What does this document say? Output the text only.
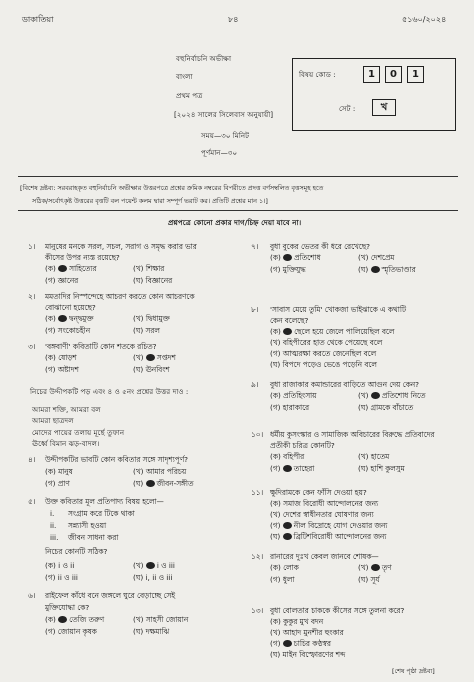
ডাকাতিয়া	৮৪	৫১৬০/২০২৪
বহুনির্বাচনি অভীক্ষা
বাংলা
প্রথম পত্র
[২০২৪ সালের সিলেবাস অনুযায়ী]
সময়—৩০ মিনিট
পূর্ণমান—৩০
বিষয় কোড :	1	0	1
সেট :	খ
[বিশেষ দ্রষ্টব্য: সরবরাহকৃত বহুনির্বাচনি অভীক্ষার উত্তরপত্রে প্রশ্নের ক্রমিক নম্বরের বিপরীতে প্রদত্ত বর্ণসম্বলিত বৃত্তসমূহ হতে
সঠিক/সর্বোৎকৃষ্ট উত্তরের বৃত্তটি বল পয়েন্ট কলম দ্বারা সম্পূর্ণ ভরাট কর। প্রতিটি প্রশ্নের মান ১।]
প্রশ্নপত্রে কোনো প্রকার দাগ/চিহ্ন দেয়া যাবে না।
নিচের উদ্দীপকটি পড় এবং ৪ ও ৫নং প্রশ্নের উত্তর দাও :
আমরা শক্তি, আমরা বল
আমরা ছাত্রদল
মোদের পায়ের তলায় মূর্ছে তুফান
ঊর্ধ্বে বিমান ঝড়-বাদল।
[শেষ পৃষ্ঠা দ্রষ্টব্য]
১। মানুষের মনকে সরল, সচল, সরাগ ও সমৃদ্ধ করার ভার
কীসের উপর ন্যস্ত রয়েছে?
(ক) সাহিত্যের	(খ) শিক্ষার
(গ) জ্ঞানের	(ঘ) বিজ্ঞানের
২। মমতাদির নিস্পন্দেহে আচরণ করতে কোন আচরণকে
বোঝানো হয়েছে?
(ক) দ্বন্দ্বমুক্ত	(খ) দ্বিধামুক্ত
(গ) সংকোচহীন	(ঘ) সরল
৩। 'বঙ্গবাণী' কবিতাটি কোন শতকে রচিত?
(ক) ষোড়শ	(খ) সপ্তদশ
(গ) অষ্টাদশ	(ঘ) ঊনবিংশ
৪। উদ্দীপকটির ভাবটি কোন কবিতার সঙ্গে সাদৃশ্যপূর্ণ?
(ক) মানুষ	(খ) আমার পরিচয়
(গ) প্রাণ	(ঘ) জীবন-সঙ্গীত
৫। উক্ত কবিতার মূল প্রতিপাদ্য বিষয় হলো—
i. সংগ্রাম করে টিকে থাকা
ii. সন্ন্যাসী হওয়া
iii. জীবন সাধনা করা
নিচের কোনটি সঠিক?
(ক) i ও ii	(খ) i ও iii
(গ) ii ও iii	(ঘ) i, ii ও iii
৬। রাইফেল কাঁধে বনে জঙ্গলে ঘুরে বেড়াচ্ছে সেই
মুক্তিযোদ্ধা কে?
(ক) তেজি তরুণ	(খ) সাহসী জোয়ান
(গ) জোয়ান কৃষক	(ঘ) দক্ষমাঝি
৭। বুধা বুকের ভেতর কী ধরে রেখেছে?
(ক) প্রতিশোধ	(খ) দেশপ্রেম
(গ) মুক্তিযুদ্ধ	(ঘ) স্মৃতিভাণ্ডার
৮। 'সাবাস মেয়ে তুমি' খোকজা ভাইঝাকে এ কথাটি
কেন বলেছে?
(ক) ছেলে হয়ে জেলে পালিয়েছিল বলে
(খ) বহিপীরের হাত থেকে পেয়েছে বলে
(গ) আত্মরক্ষা করতে জেনেছিল বলে
(ঘ) বিপদে পড়েও ভেঙে পড়েনি বলে
৯। বুধা রাজাকার কমান্ডারের বাড়িতে আগুন দেয় কেন?
(ক) প্রতিহিংসায়	(খ) প্রতিশোধ নিতে
(গ) হারাকারে	(ঘ) গ্রামকে বাঁচাতে
১০। ধর্মীয় কুসংস্কার ও সামাজিক অবিচারের বিরুদ্ধে প্রতিবাদের
প্রতীকী চরিত্র কোনটি?
(ক) বহিপীর	(খ) হাতেম
(গ) তাহেরা	(ঘ) হাশি কুলসুম
১১। ক্ষুদিরামকে কেন ফাঁসি দেওয়া হয়?
(ক) সমাজ বিরোধী আন্দোলনের জন্য
(খ) দেশের স্বাধীনতার ঘোষণার জন্য
(গ) নীল বিদ্রোহে যোগ দেওয়ার জন্য
(ঘ) ব্রিটিশবিরোধী আন্দোলনের জন্য
১২। রানারের দুঃখ কেবল জানবে শোষক—
(ক) লোক	(খ) তৃণ
(গ) ধুলা	(ঘ) সূর্য
১৩। বুধা বোলতার চাককে কীসের সঙ্গে তুলনা করে?
(ক) কুকুর মুখ বদন
(খ) আহাদ মুনশীর হুংকার
(গ) চাচির কণ্ঠস্বর
(ঘ) মাইন বিস্ফোরণের শব্দ
